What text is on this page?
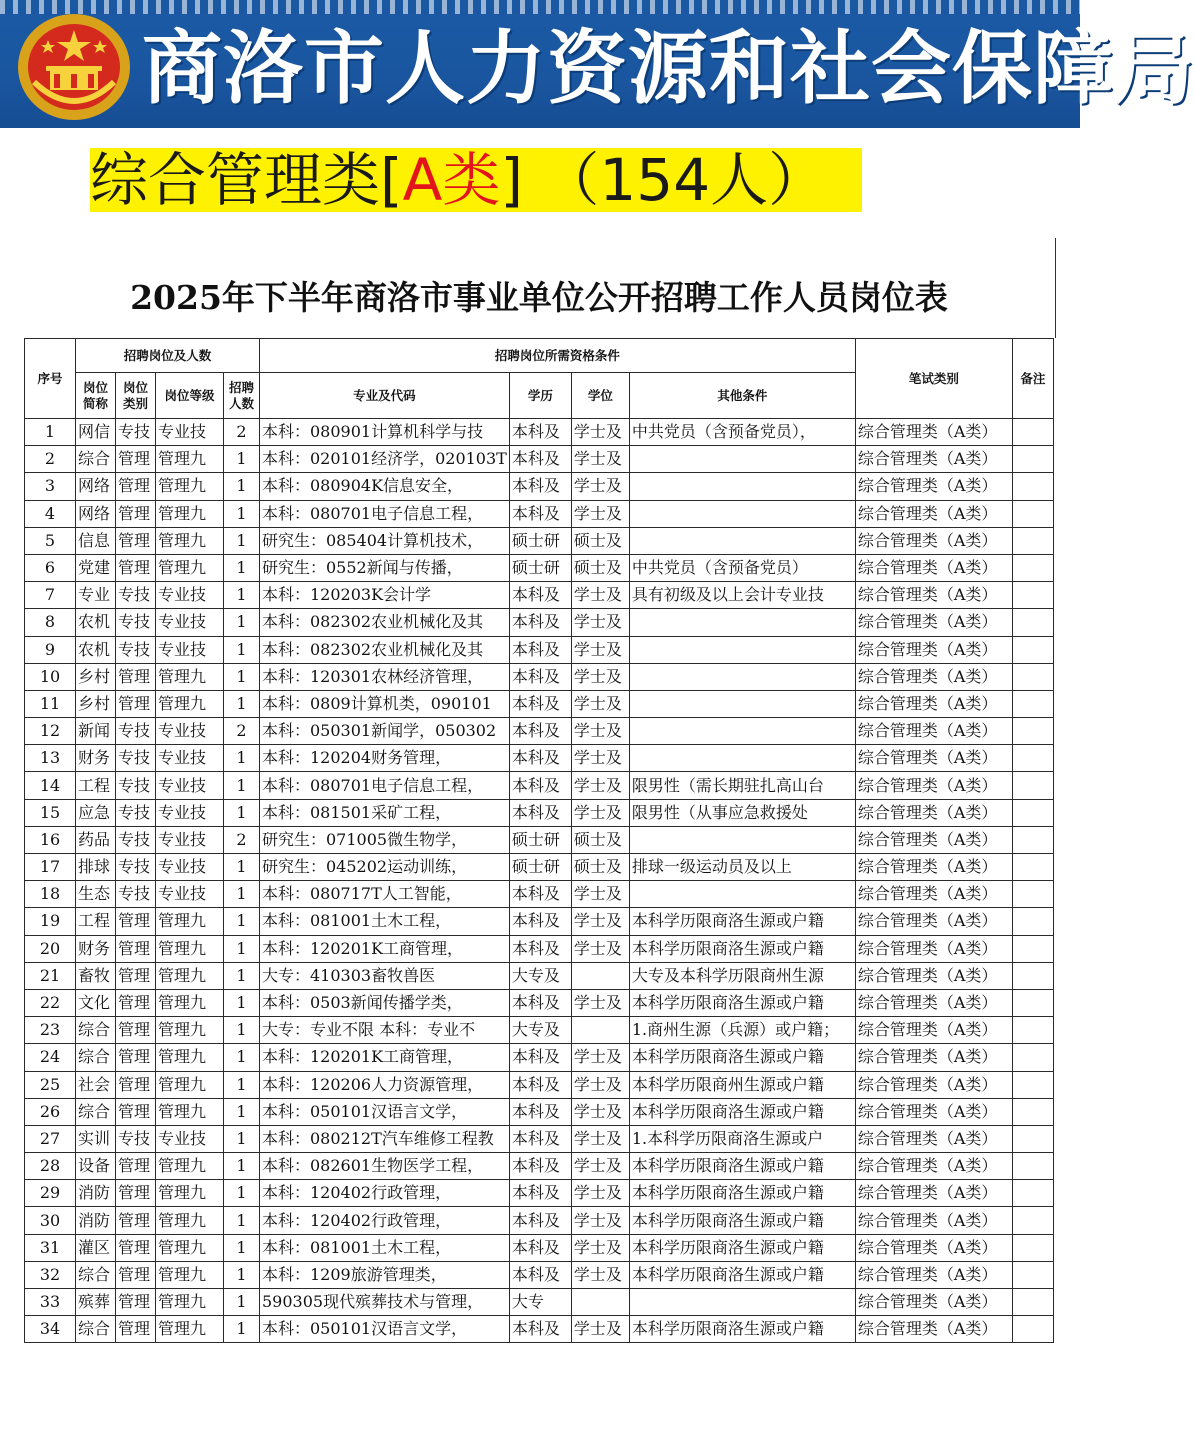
商洛市人力资源和社会保障局
综合管理类[A类] （154人）
2025年下半年商洛市事业单位公开招聘工作人员岗位表
序号	招聘岗位及人数				招聘岗位所需资格条件				笔试类别	备注
	岗位简称	岗位类别	岗位等级	招聘人数	专业及代码	学历	学位	其他条件		
1	网信	专技	专业技	2	本科：080901计算机科学与技	本科及	学士及	中共党员（含预备党员），	综合管理类（A类）	
2	综合	管理	管理九	1	本科：020101经济学，020103T	本科及	学士及		综合管理类（A类）	
3	网络	管理	管理九	1	本科：080904K信息安全，	本科及	学士及		综合管理类（A类）	
4	网络	管理	管理九	1	本科：080701电子信息工程，	本科及	学士及		综合管理类（A类）	
5	信息	管理	管理九	1	研究生：085404计算机技术，	硕士研	硕士及		综合管理类（A类）	
6	党建	管理	管理九	1	研究生：0552新闻与传播，	硕士研	硕士及	中共党员（含预备党员）	综合管理类（A类）	
7	专业	专技	专业技	1	本科：120203K会计学	本科及	学士及	具有初级及以上会计专业技	综合管理类（A类）	
8	农机	专技	专业技	1	本科：082302农业机械化及其	本科及	学士及		综合管理类（A类）	
9	农机	专技	专业技	1	本科：082302农业机械化及其	本科及	学士及		综合管理类（A类）	
10	乡村	管理	管理九	1	本科：120301农林经济管理，	本科及	学士及		综合管理类（A类）	
11	乡村	管理	管理九	1	本科：0809计算机类，090101	本科及	学士及		综合管理类（A类）	
12	新闻	专技	专业技	2	本科：050301新闻学，050302	本科及	学士及		综合管理类（A类）	
13	财务	专技	专业技	1	本科：120204财务管理，	本科及	学士及		综合管理类（A类）	
14	工程	专技	专业技	1	本科：080701电子信息工程，	本科及	学士及	限男性（需长期驻扎高山台	综合管理类（A类）	
15	应急	专技	专业技	1	本科：081501采矿工程，	本科及	学士及	限男性（从事应急救援处	综合管理类（A类）	
16	药品	专技	专业技	2	研究生：071005微生物学，	硕士研	硕士及		综合管理类（A类）	
17	排球	专技	专业技	1	研究生：045202运动训练，	硕士研	硕士及	排球一级运动员及以上	综合管理类（A类）	
18	生态	专技	专业技	1	本科：080717T人工智能，	本科及	学士及		综合管理类（A类）	
19	工程	管理	管理九	1	本科：081001土木工程，	本科及	学士及	本科学历限商洛生源或户籍	综合管理类（A类）	
20	财务	管理	管理九	1	本科：120201K工商管理，	本科及	学士及	本科学历限商洛生源或户籍	综合管理类（A类）	
21	畜牧	管理	管理九	1	大专：410303畜牧兽医	大专及		大专及本科学历限商州生源	综合管理类（A类）	
22	文化	管理	管理九	1	本科：0503新闻传播学类，	本科及	学士及	本科学历限商洛生源或户籍	综合管理类（A类）	
23	综合	管理	管理九	1	大专：专业不限 本科：专业不	大专及		1.商州生源（兵源）或户籍；	综合管理类（A类）	
24	综合	管理	管理九	1	本科：120201K工商管理，	本科及	学士及	本科学历限商洛生源或户籍	综合管理类（A类）	
25	社会	管理	管理九	1	本科：120206人力资源管理，	本科及	学士及	本科学历限商州生源或户籍	综合管理类（A类）	
26	综合	管理	管理九	1	本科：050101汉语言文学，	本科及	学士及	本科学历限商洛生源或户籍	综合管理类（A类）	
27	实训	专技	专业技	1	本科：080212T汽车维修工程教	本科及	学士及	1.本科学历限商洛生源或户	综合管理类（A类）	
28	设备	管理	管理九	1	本科：082601生物医学工程，	本科及	学士及	本科学历限商洛生源或户籍	综合管理类（A类）	
29	消防	管理	管理九	1	本科：120402行政管理，	本科及	学士及	本科学历限商洛生源或户籍	综合管理类（A类）	
30	消防	管理	管理九	1	本科：120402行政管理，	本科及	学士及	本科学历限商洛生源或户籍	综合管理类（A类）	
31	灌区	管理	管理九	1	本科：081001土木工程，	本科及	学士及	本科学历限商洛生源或户籍	综合管理类（A类）	
32	综合	管理	管理九	1	本科：1209旅游管理类，	本科及	学士及	本科学历限商洛生源或户籍	综合管理类（A类）	
33	殡葬	管理	管理九	1	590305现代殡葬技术与管理，	大专			综合管理类（A类）	
34	综合	管理	管理九	1	本科：050101汉语言文学，	本科及	学士及	本科学历限商洛生源或户籍	综合管理类（A类）	
